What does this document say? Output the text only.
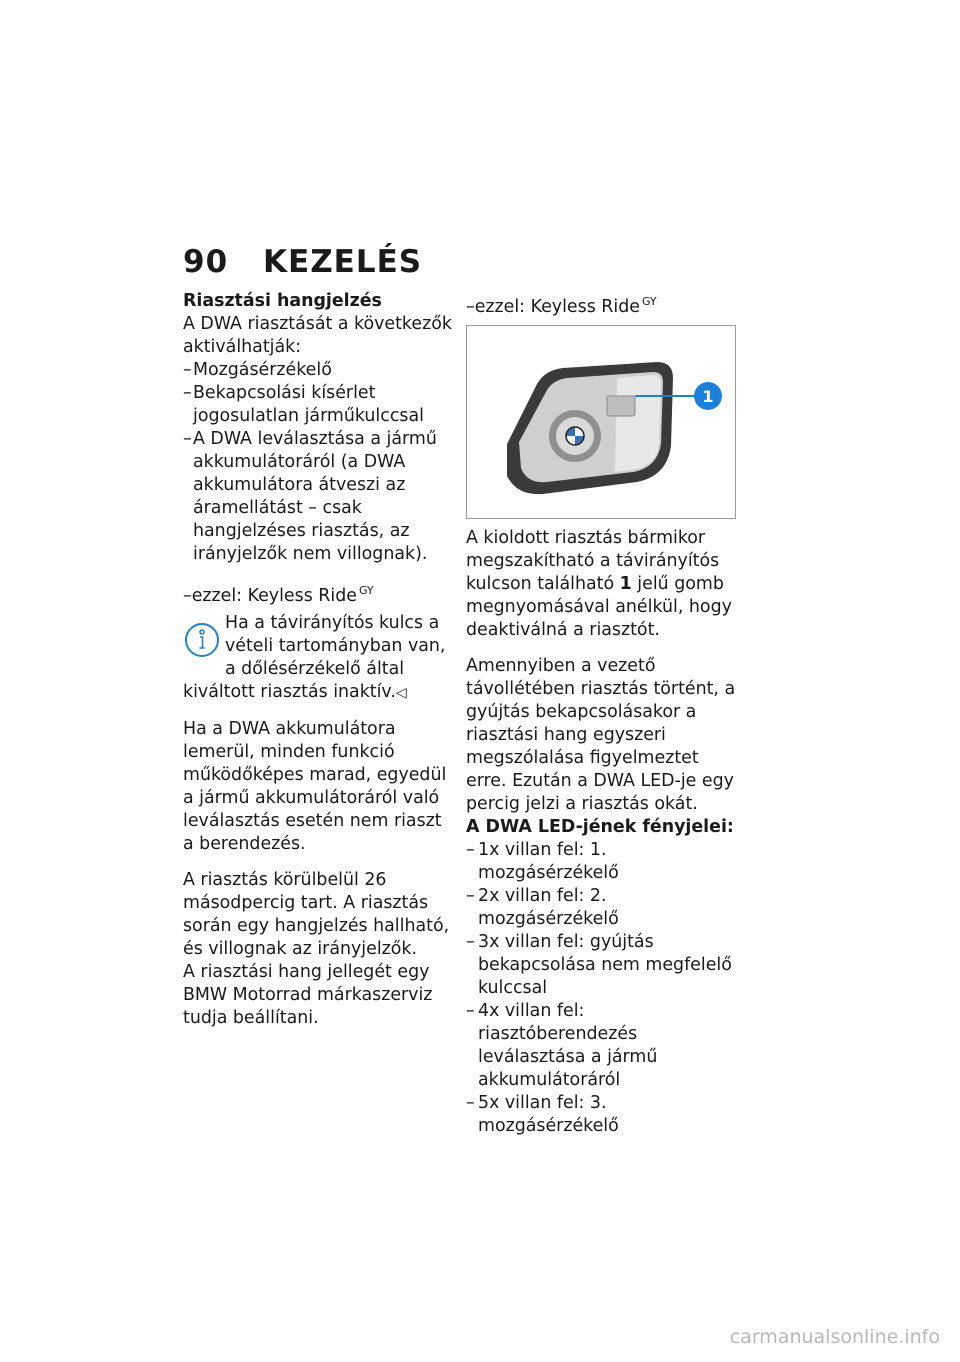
90 KEZELÉS

Riasztási hangjelzés

A DWA riasztását a következők aktiválhatják:

– Mozgásérzékelő
– Bekapcsolási kísérlet jogosulatlan járműkulccsal
– A DWA leválasztása a jármű akkumulátoráról (a DWA akkumulátora átveszi az áramellátást – csak hangjelzéses riasztás, az irányjelzők nem villognak).

–ezzel: Keyless Ride $^{GY}$

Ha a távirányítós kulcs a vételi tartományban van, a dőlésérzékelő által kiváltott riasztás inaktív.◁

Ha a DWA akkumulátora lemerül, minden funkció működőképes marad, egyedül a jármű akkumulátoráról való leválasztás esetén nem riaszt a berendezés.

A riasztás körülbelül 26 másodpercig tart. A riasztás során egy hangjelzés hallható, és villognak az irányjelzők.

A riasztási hang jellegét egy BMW Motorrad márkaszerviz tudja beállítani.

–ezzel: Keyless Ride $^{GY}$

1

A kioldott riasztás bármikor megszakítható a távirányítós kulcson található 1 jelű gomb megnyomásával anélkül, hogy deaktiválná a riasztót.

Amennyiben a vezető távollétében riasztás történt, a gyújtás bekapcsolásakor a riasztási hang egyszeri megszólalása figyelmeztet erre. Ezután a DWA LED-je egy percig jelzi a riasztás okát.

A DWA LED-jének fényjelei:

– 1x villan fel: 1. mozgásérzékelő
– 2x villan fel: 2. mozgásérzékelő
– 3x villan fel: gyújtás bekapcsolása nem megfelelő kulccsal
– 4x villan fel: riasztóberendezés leválasztása a jármű akkumulátoráról
– 5x villan fel: 3. mozgásérzékelő
carmanualsonline.info
